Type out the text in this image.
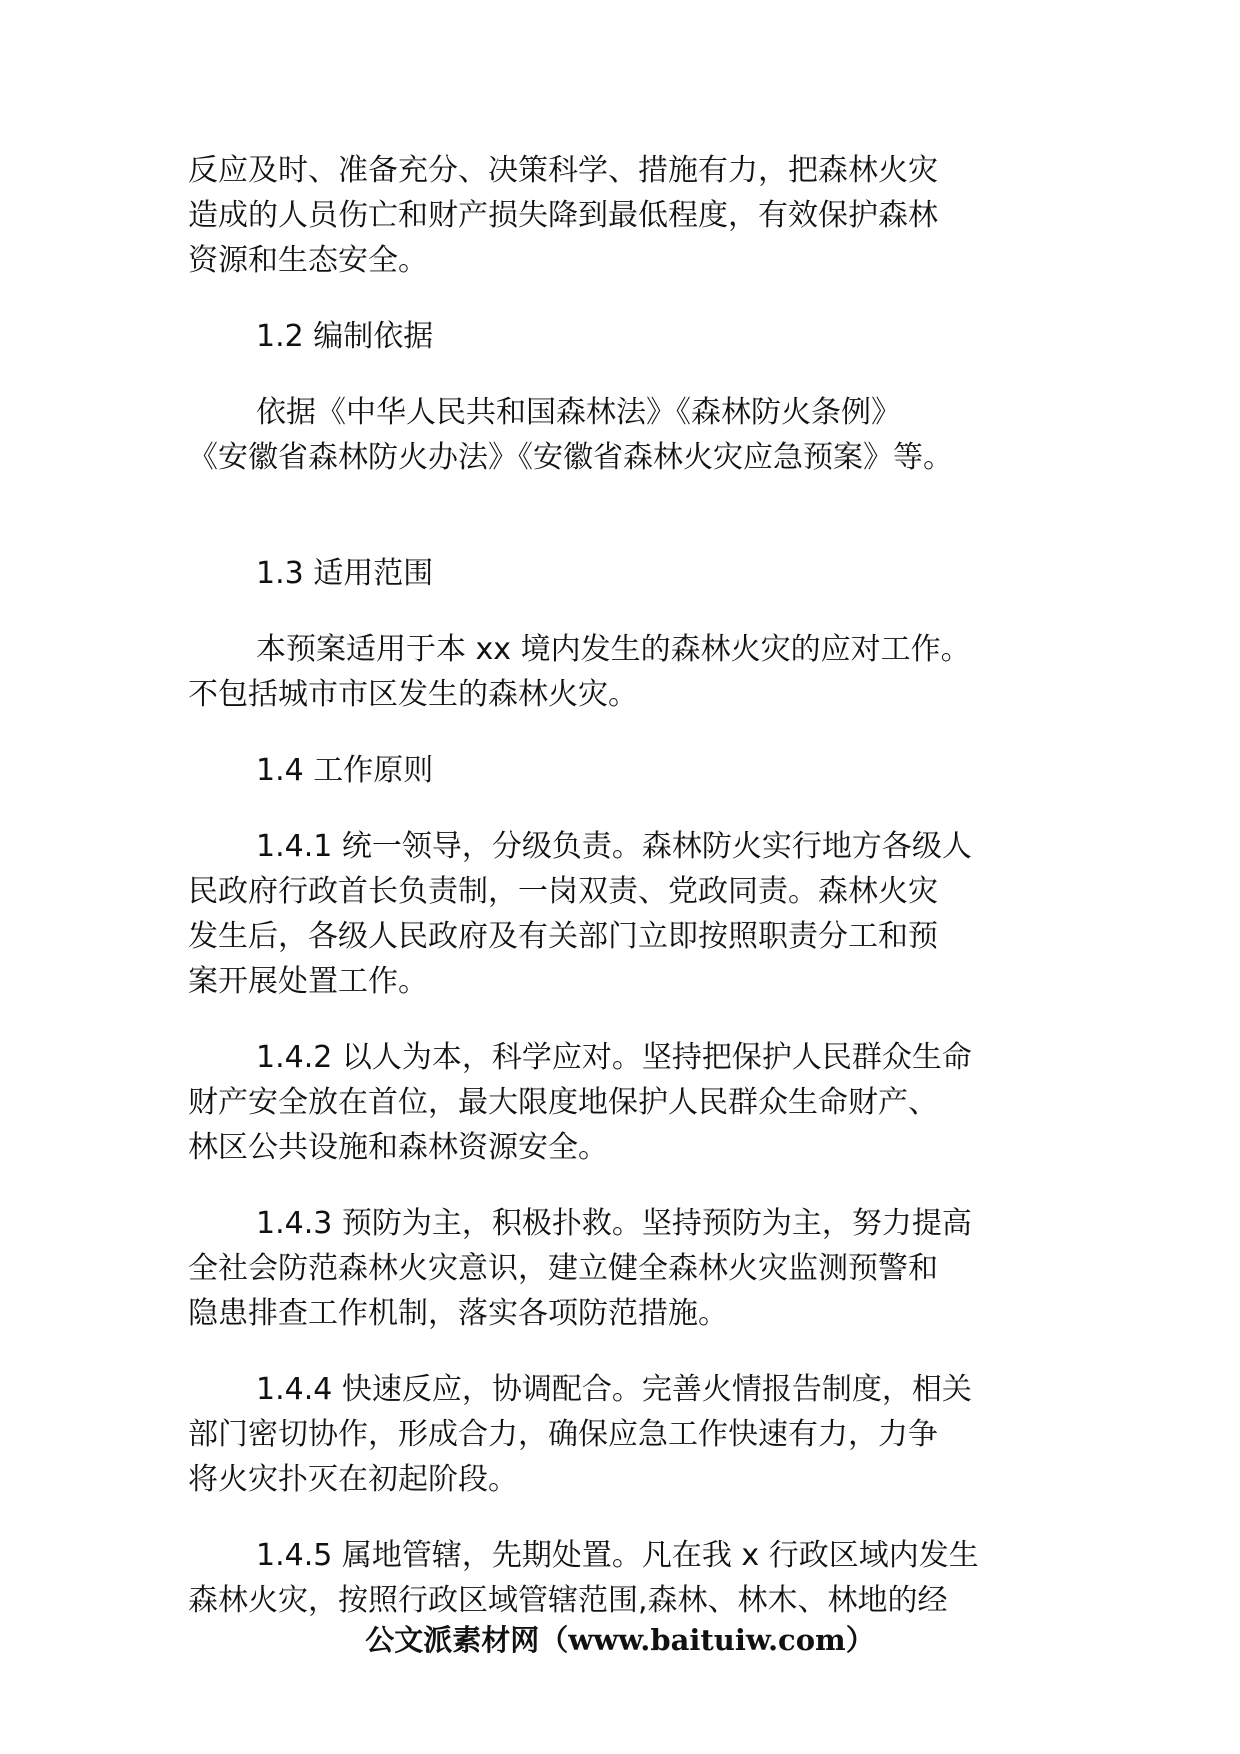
反应及时、准备充分、决策科学、措施有力，把森林火灾

造成的人员伤亡和财产损失降到最低程度，有效保护森林

资源和生态安全。

1.2 编制依据

依据《中华人民共和国森林法》《森林防火条例》

《安徽省森林防火办法》《安徽省森林火灾应急预案》等。

1.3 适用范围

本预案适用于本 xx 境内发生的森林火灾的应对工作。

不包括城市市区发生的森林火灾。

1.4 工作原则

1.4.1 统一领导，分级负责。森林防火实行地方各级人

民政府行政首长负责制，一岗双责、党政同责。森林火灾

发生后，各级人民政府及有关部门立即按照职责分工和预

案开展处置工作。

1.4.2 以人为本，科学应对。坚持把保护人民群众生命

财产安全放在首位，最大限度地保护人民群众生命财产、

林区公共设施和森林资源安全。

1.4.3 预防为主，积极扑救。坚持预防为主，努力提高

全社会防范森林火灾意识，建立健全森林火灾监测预警和

隐患排查工作机制，落实各项防范措施。

1.4.4 快速反应，协调配合。完善火情报告制度，相关

部门密切协作，形成合力，确保应急工作快速有力，力争

将火灾扑灭在初起阶段。

1.4.5 属地管辖，先期处置。凡在我 x 行政区域内发生

森林火灾，按照行政区域管辖范围,森林、林木、林地的经

公文派素材网（www.baituiw.com）
